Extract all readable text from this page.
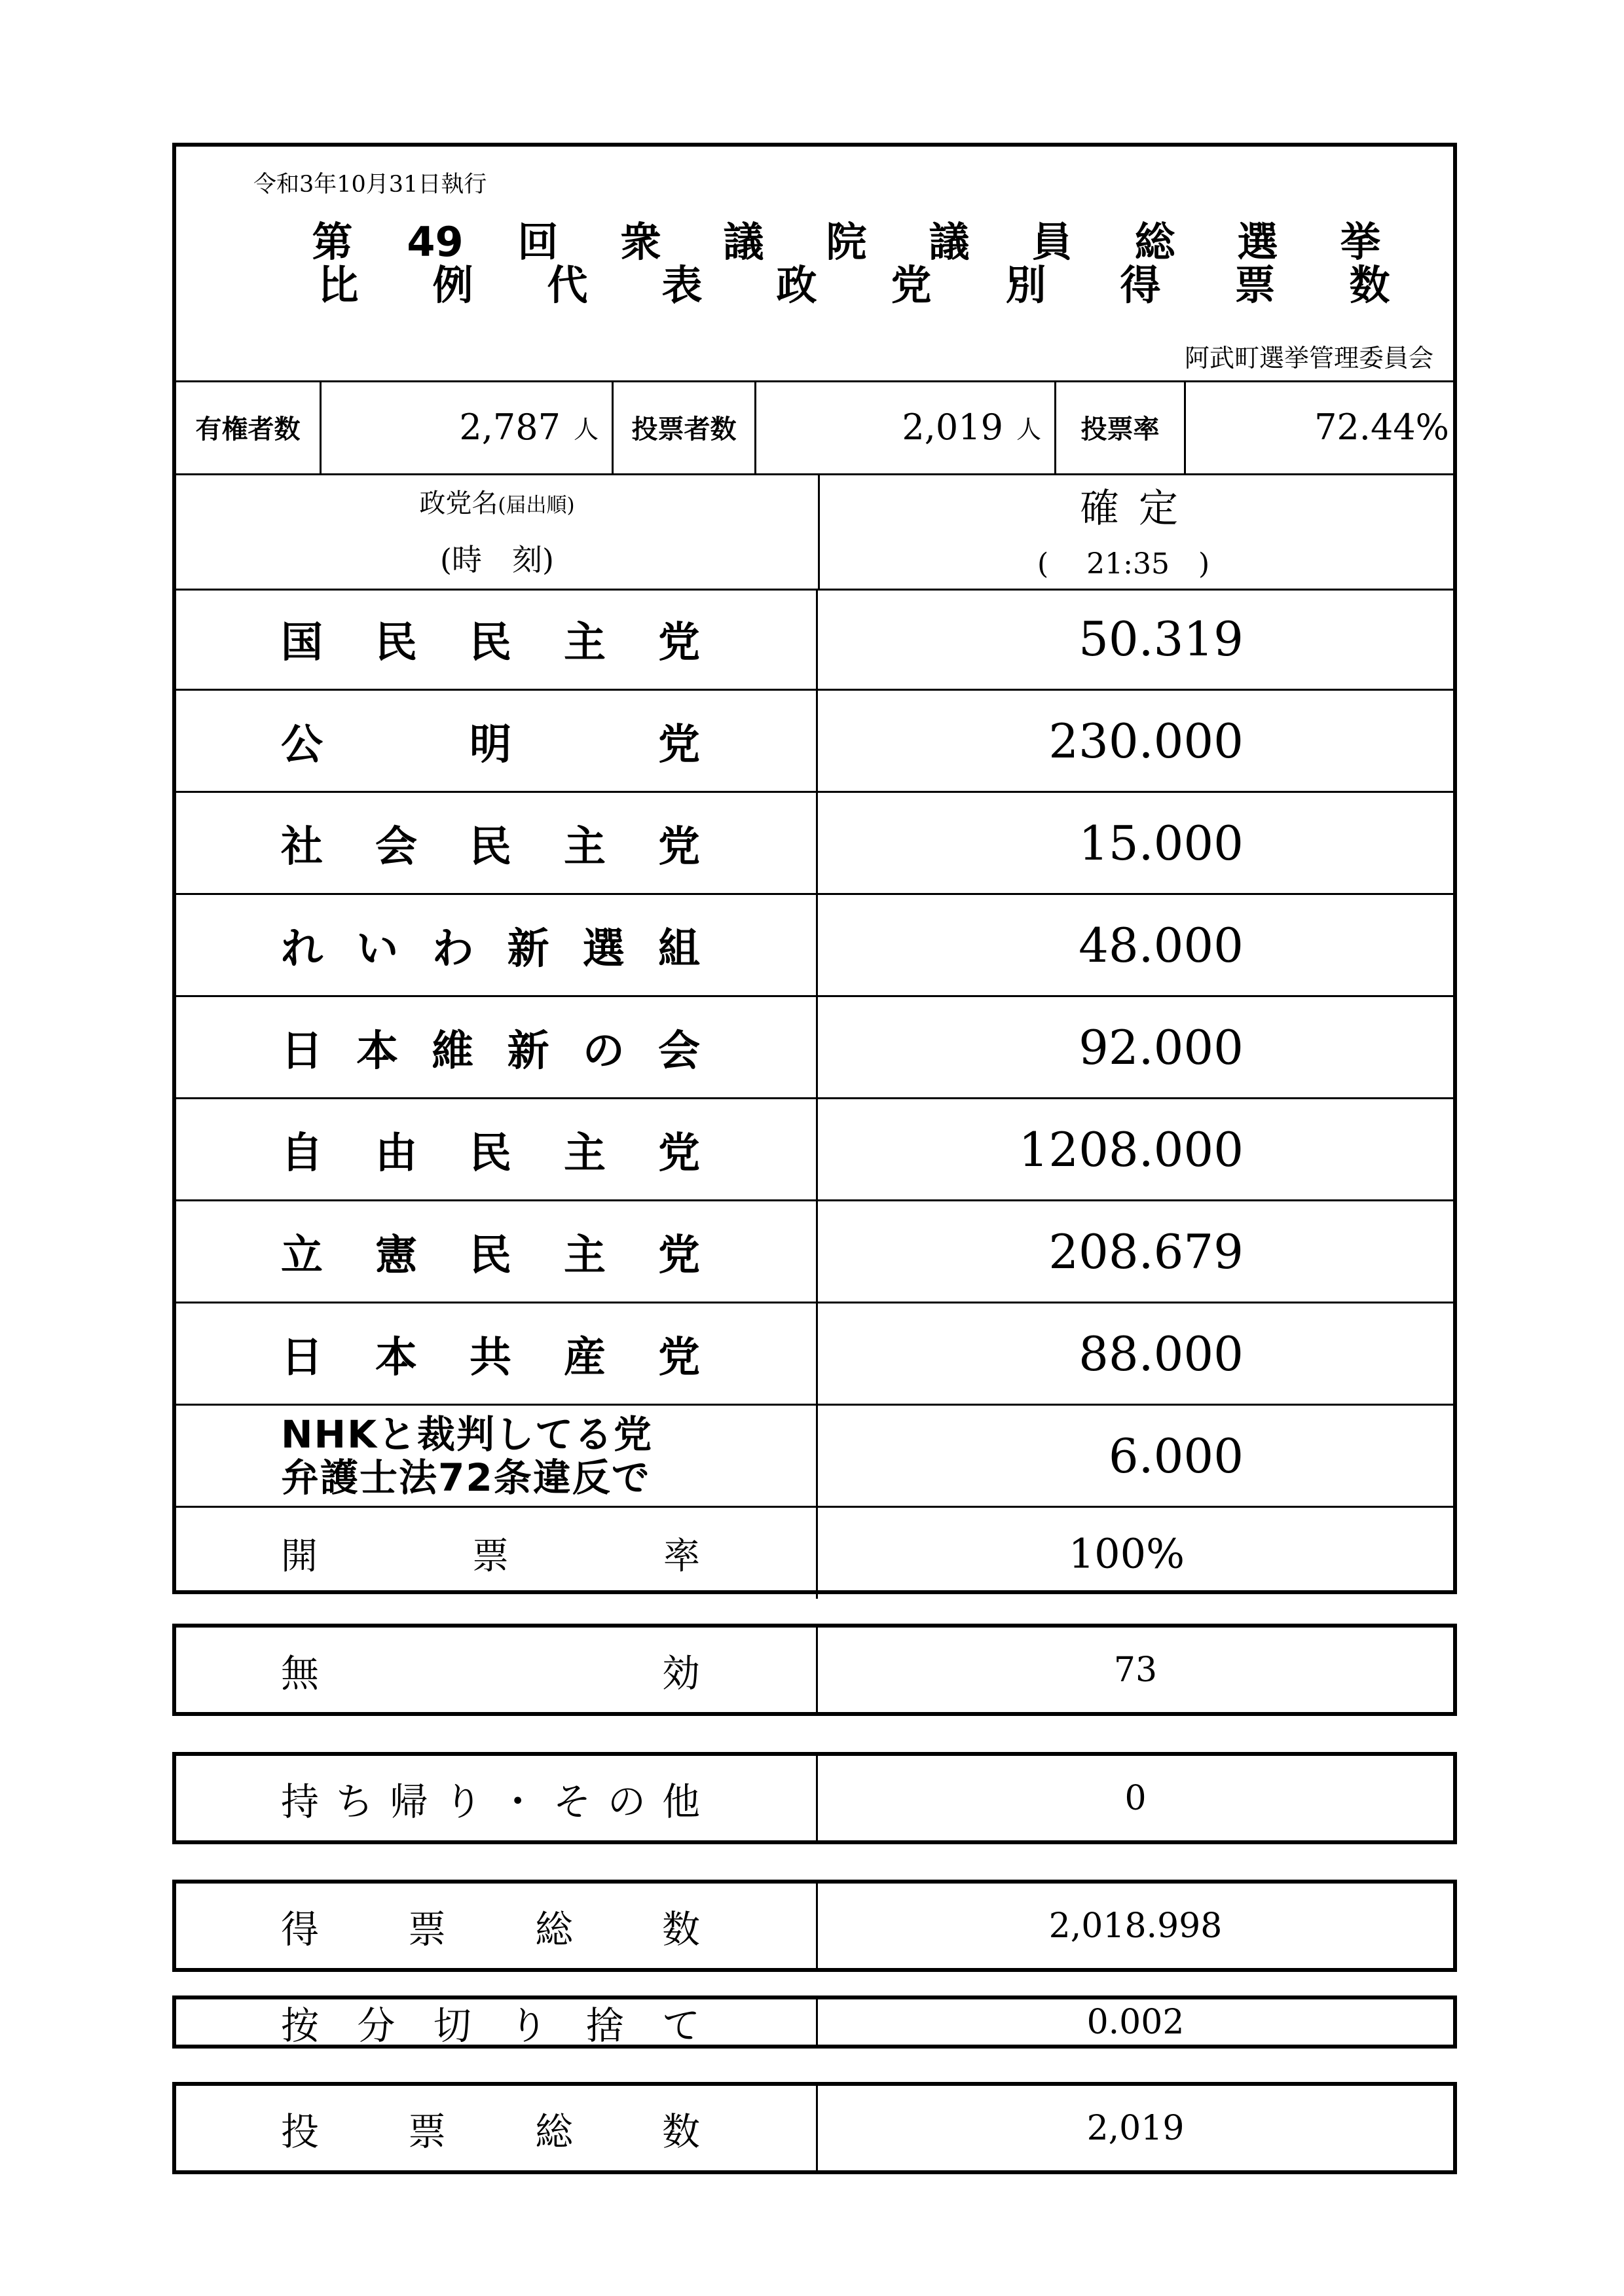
令和3年10月31日執行
第	49	回	衆	議	院	議	員	総	選	挙
比	例	代	表	政	党	別	得	票	数
阿武町選挙管理委員会
有権者数	2,787 人	投票者数	2,019 人	投票率	72.44%
政党名(届出順)
(時　刻)
確定
(　 21:35　)
国 民 民 主 党	50.319
公	明	党	230.000
社 会 民 主 党	15.000
れ い わ 新 選 組	48.000
日 本 維 新 の 会	92.000
自 由 民 主 党	1208.000
立 憲 民 主 党	208.679
日 本 共 産 党	88.000
NHKと裁判してる党
弁護士法72条違反で	6.000
開	票	率	100%
無	効	73
持 ち 帰 り ・ そ の 他	0
得 票 総 数	2,018.998
按 分 切 り 捨 て	0.002
投 票 総 数	2,019
